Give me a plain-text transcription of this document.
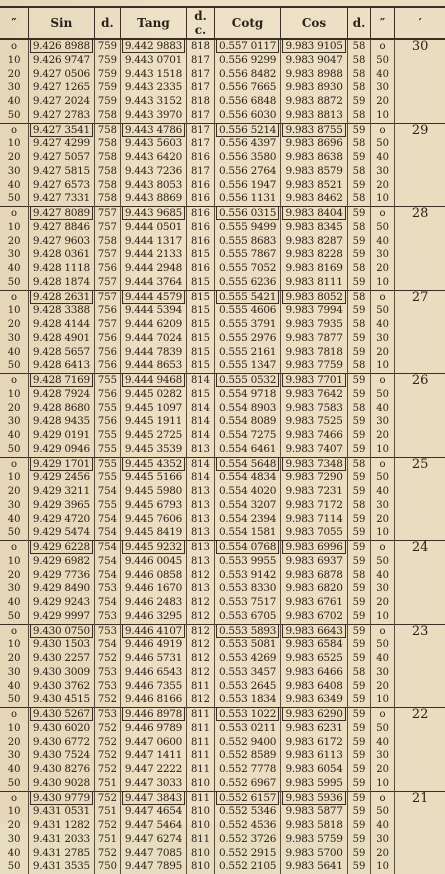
″	Sin	d.	Tang	d. c.	Cotg	Cos	d.	″	′
o	9.426 8988	759	9.442 9883	818	0.557 0117	9.983 9105	58	o	30
10	9.426 9747	759	9.443 0701	817	0.556 9299	9.983 9047	58	50	
20	9.427 0506	759	9.443 1518	817	0.556 8482	9.983 8988	58	40	
30	9.427 1265	759	9.443 2335	817	0.556 7665	9.983 8930	58	30	
40	9.427 2024	759	9.443 3152	818	0.556 6848	9.983 8872	59	20	
50	9.427 2783	758	9.443 3970	817	0.556 6030	9.983 8813	58	10	
o	9.427 3541	758	9.443 4786	817	0.556 5214	9.983 8755	59	o	29
10	9.427 4299	758	9.443 5603	817	0.556 4397	9.983 8696	58	50	
20	9.427 5057	758	9.443 6420	816	0.556 3580	9.983 8638	59	40	
30	9.427 5815	758	9.443 7236	817	0.556 2764	9.983 8579	58	30	
40	9.427 6573	758	9.443 8053	816	0.556 1947	9.983 8521	59	20	
50	9.427 7331	758	9.443 8869	816	0.556 1131	9.983 8462	58	10	
o	9.427 8089	757	9.443 9685	816	0.556 0315	9.983 8404	59	o	28
10	9.427 8846	757	9.444 0501	816	0.555 9499	9.983 8345	58	50	
20	9.427 9603	758	9.444 1317	816	0.555 8683	9.983 8287	59	40	
30	9.428 0361	757	9.444 2133	815	0.555 7867	9.983 8228	59	30	
40	9.428 1118	756	9.444 2948	816	0.555 7052	9.983 8169	58	20	
50	9.428 1874	757	9.444 3764	815	0.555 6236	9.983 8111	59	10	
o	9.428 2631	757	9.444 4579	815	0.555 5421	9.983 8052	58	o	27
10	9.428 3388	756	9.444 5394	815	0.555 4606	9.983 7994	59	50	
20	9.428 4144	757	9.444 6209	815	0.555 3791	9.983 7935	58	40	
30	9.428 4901	756	9.444 7024	815	0.555 2976	9.983 7877	59	30	
40	9.428 5657	756	9.444 7839	815	0.555 2161	9.983 7818	59	20	
50	9.428 6413	756	9.444 8653	815	0.555 1347	9.983 7759	58	10	
o	9.428 7169	755	9.444 9468	814	0.555 0532	9.983 7701	59	o	26
10	9.428 7924	756	9.445 0282	815	0.554 9718	9.983 7642	59	50	
20	9.428 8680	755	9.445 1097	814	0.554 8903	9.983 7583	58	40	
30	9.428 9435	756	9.445 1911	814	0.554 8089	9.983 7525	59	30	
40	9.429 0191	755	9.445 2725	814	0.554 7275	9.983 7466	59	20	
50	9.429 0946	755	9.445 3539	813	0.554 6461	9.983 7407	59	10	
o	9.429 1701	755	9.445 4352	814	0.554 5648	9.983 7348	58	o	25
10	9.429 2456	755	9.445 5166	814	0.554 4834	9.983 7290	59	50	
20	9.429 3211	754	9.445 5980	813	0.554 4020	9.983 7231	59	40	
30	9.429 3965	755	9.445 6793	813	0.554 3207	9.983 7172	58	30	
40	9.429 4720	754	9.445 7606	813	0.554 2394	9.983 7114	59	20	
50	9.429 5474	754	9.445 8419	813	0.554 1581	9.983 7055	59	10	
o	9.429 6228	754	9.445 9232	813	0.554 0768	9.983 6996	59	o	24
10	9.429 6982	754	9.446 0045	813	0.553 9955	9.983 6937	59	50	
20	9.429 7736	754	9.446 0858	812	0.553 9142	9.983 6878	58	40	
30	9.429 8490	753	9.446 1670	813	0.553 8330	9.983 6820	59	30	
40	9.429 9243	754	9.446 2483	812	0.553 7517	9.983 6761	59	20	
50	9.429 9997	753	9.446 3295	812	0.553 6705	9.983 6702	59	10	
o	9.430 0750	753	9.446 4107	812	0.553 5893	9.983 6643	59	o	23
10	9.430 1503	754	9.446 4919	812	0.553 5081	9.983 6584	59	50	
20	9.430 2257	752	9.446 5731	812	0.553 4269	9.983 6525	59	40	
30	9.430 3009	753	9.446 6543	812	0.553 3457	9.983 6466	58	30	
40	9.430 3762	753	9.446 7355	811	0.553 2645	9.983 6408	59	20	
50	9.430 4515	752	9.446 8166	812	0.553 1834	9.983 6349	59	10	
o	9.430 5267	753	9.446 8978	811	0.553 1022	9.983 6290	59	o	22
10	9.430 6020	752	9.446 9789	811	0.553 0211	9.983 6231	59	50	
20	9.430 6772	752	9.447 0600	811	0.552 9400	9.983 6172	59	40	
30	9.430 7524	752	9.447 1411	811	0.552 8589	9.983 6113	59	30	
40	9.430 8276	752	9.447 2222	811	0.552 7778	9.983 6054	59	20	
50	9.430 9028	751	9.447 3033	810	0.552 6967	9.983 5995	59	10	
o	9.430 9779	752	9.447 3843	811	0.552 6157	9.983 5936	59	o	21
10	9.431 0531	751	9.447 4654	810	0.552 5346	9.983 5877	59	50	
20	9.431 1282	752	9.447 5464	810	0.552 4536	9.983 5818	59	40	
30	9.431 2033	751	9.447 6274	811	0.552 3726	9.983 5759	59	30	
40	9.431 2785	752	9.447 7085	810	0.552 2915	9.983 5700	59	20	
50	9.431 3535	750	9.447 7895	810	0.552 2105	9.983 5641	59	10	
